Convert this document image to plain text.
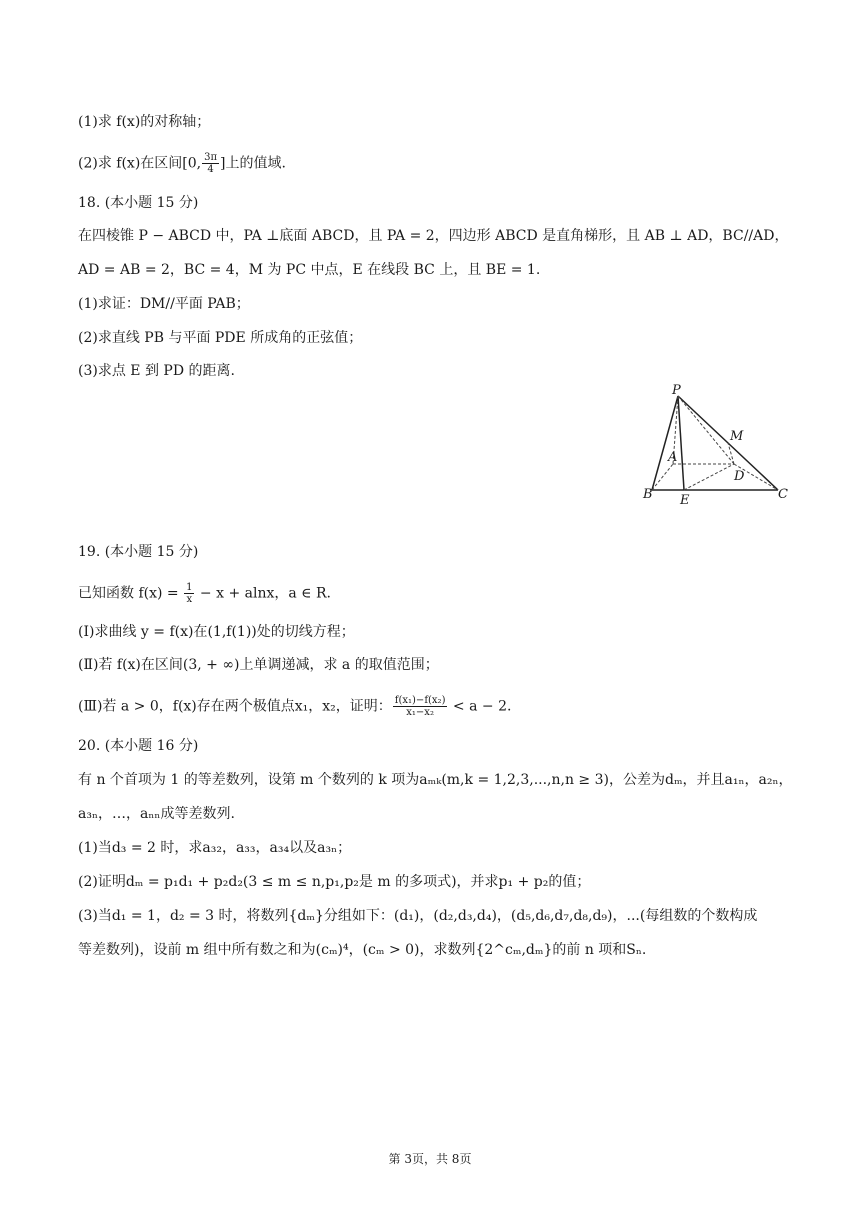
(1)求 f(x)的对称轴；
(2)求 f(x)在区间[0, $\frac{3\pi}{4}$ ]上的值域.
18. (本小题 15 分)
在四棱锥 P − ABCD 中，PA ⊥底面 ABCD，且 PA = 2，四边形 ABCD 是直角梯形，且 AB ⊥ AD，BC//AD，
AD = AB = 2，BC = 4，M 为 PC 中点，E 在线段 BC 上，且 BE = 1.
(1)求证：DM//平面 PAB；
(2)求直线 PB 与平面 PDE 所成角的正弦值；
(3)求点 E 到 PD 的距离.
P
M
A
D
B E	C
19. (本小题 15 分)
已知函数 $f(x) = \frac{1}{x} - x + alnx$，a ∈ R.
(Ⅰ)求曲线 y = f(x)在(1,f(1))处的切线方程；
(Ⅱ)若 f(x)在区间(3, + ∞)上单调递减，求 a 的取值范围；
(Ⅲ)若 a > 0，f(x)存在两个极值点x₁，x₂，证明： $\frac{\text{f(x₁)−f(x₂)}}{\text{x₁−x₂}} < a - 2$.
20. (本小题 16 分)
有 n 个首项为 1 的等差数列，设第 m 个数列的 k 项为aₘₖ(m,k = 1,2,3,...,n,n ≥ 3)，公差为dₘ，并且a₁ₙ，a₂ₙ，
a₃ₙ，…，aₙₙ成等差数列.
(1)当d₃ = 2 时，求a₃₂，a₃₃，a₃₄以及a₃ₙ；
(2)证明dₘ = p₁d₁ + p₂d₂(3 ≤ m ≤ n,p₁,p₂是 m 的多项式)，并求p₁ + p₂的值；
(3)当d₁ = 1，d₂ = 3 时，将数列{dₘ}分组如下：(d₁)，(d₂,d₃,d₄)，(d₅,d₆,d₇,d₈,d₉)，...(每组数的个数构成
等差数列)，设前 m 组中所有数之和为(cₘ)⁴，(cₘ > 0)，求数列{2^cₘ,dₘ}的前 n 项和Sₙ.
第 3页，共 8页
